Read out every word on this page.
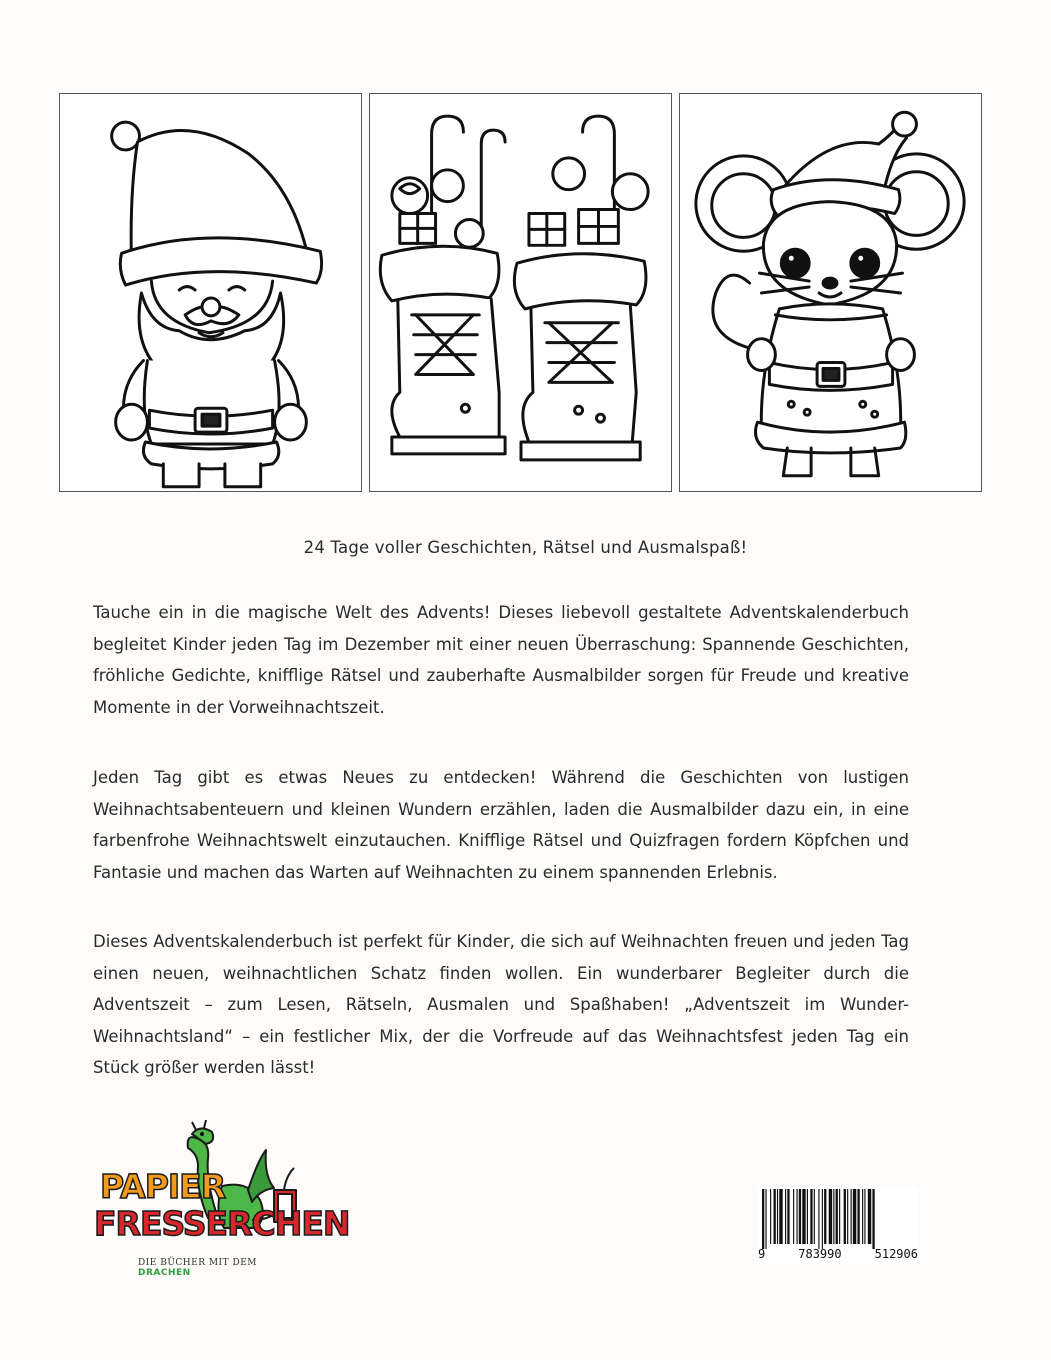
24 Tage voller Geschichten, Rätsel und Ausmalspaß!

Tauche ein in die magische Welt des Advents! Dieses liebevoll gestaltete Adventskalenderbuch begleitet Kinder jeden Tag im Dezember mit einer neuen Überraschung: Spannende Geschichten, fröhliche Gedichte, knifflige Rätsel und zauberhafte Ausmalbilder sorgen für Freude und kreative Momente in der Vorweihnachtszeit.

Jeden Tag gibt es etwas Neues zu entdecken! Während die Geschichten von lustigen Weihnachtsabenteuern und kleinen Wundern erzählen, laden die Ausmalbilder dazu ein, in eine farbenfrohe Weihnachtswelt einzutauchen. Knifflige Rätsel und Quizfragen fordern Köpfchen und Fantasie und machen das Warten auf Weihnachten zu einem spannenden Erlebnis.

Dieses Adventskalenderbuch ist perfekt für Kinder, die sich auf Weihnachten freuen und jeden Tag einen neuen, weihnachtlichen Schatz finden wollen. Ein wunderbarer Begleiter durch die Adventszeit – zum Lesen, Rätseln, Ausmalen und Spaßhaben! „Adventszeit im Wunder-Weihnachtsland“ – ein festlicher Mix, der die Vorfreude auf das Weihnachtsfest jeden Tag ein Stück größer werden lässt!

PAPIER
FRESSERCHEN
DIE BÜCHER MIT DEM DRACHEN
9	783990	512906
